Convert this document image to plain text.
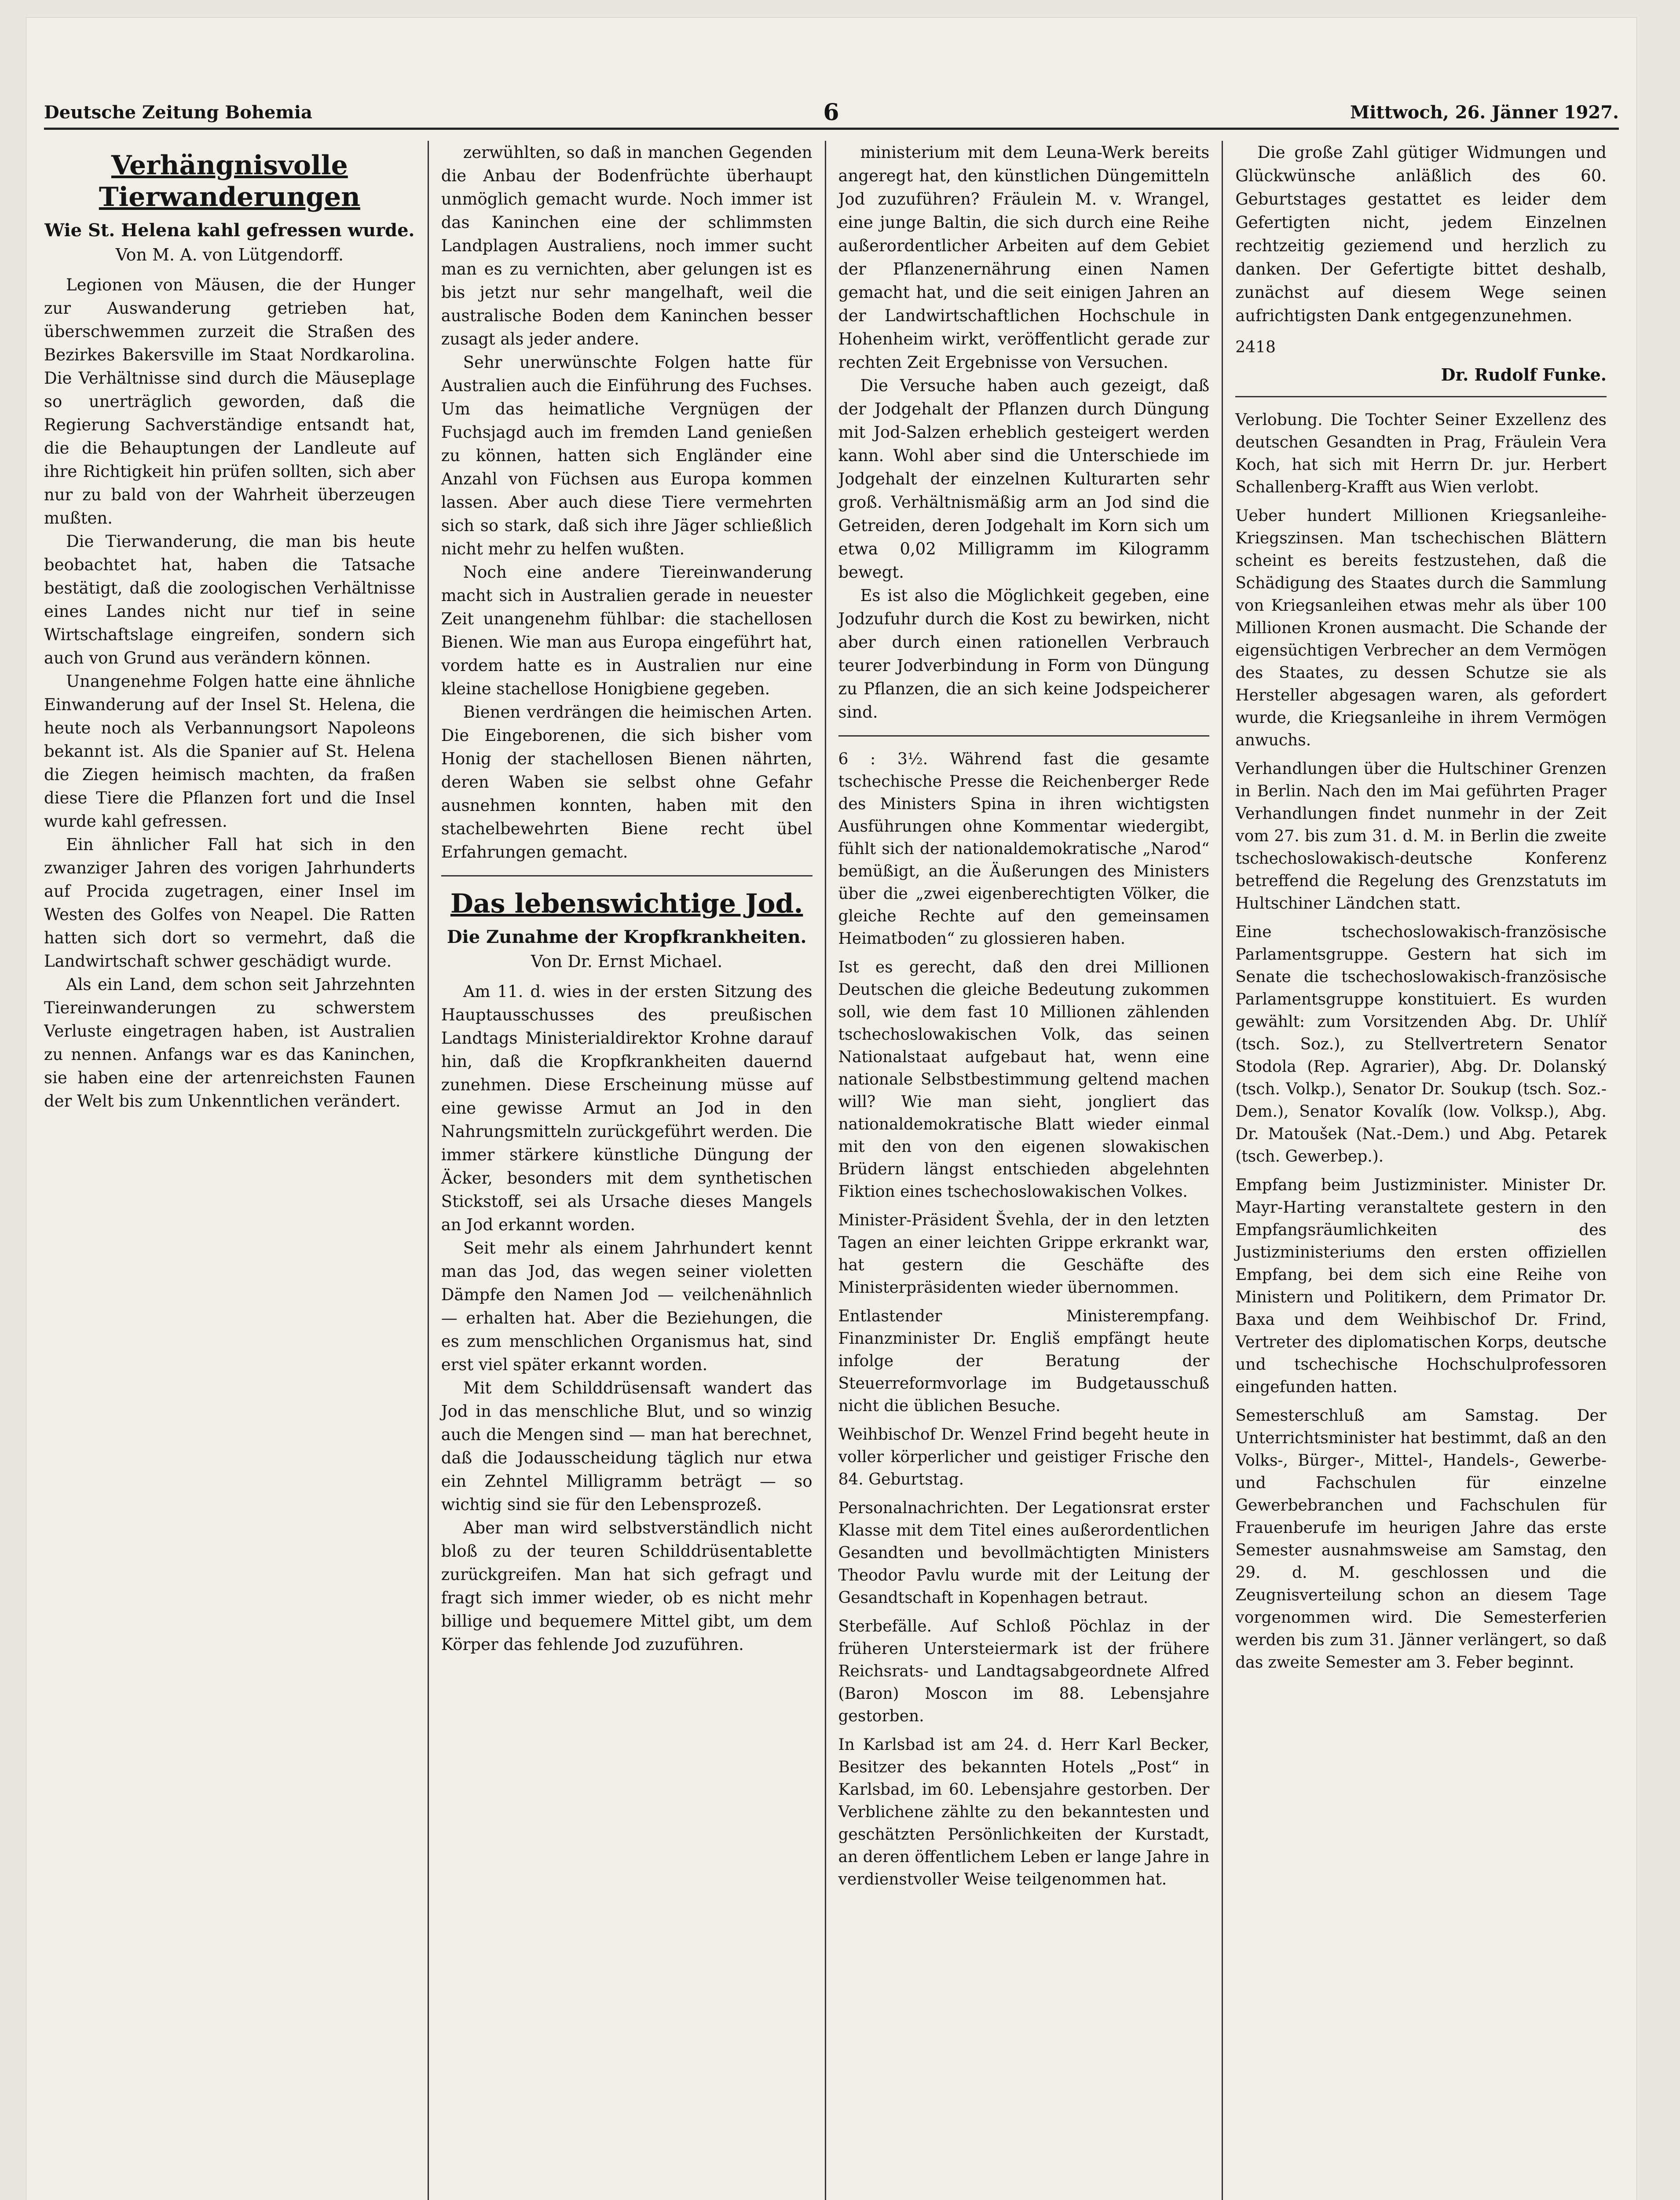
Deutsche Zeitung Bohemia	6	Mittwoch, 26. Jänner 1927.
Verhängnisvolle Tierwanderungen
Wie St. Helena kahl gefressen wurde.
Von M. A. von Lütgendorff.

Legionen von Mäusen, die der Hunger zur Auswanderung getrieben hat, überschwemmen zurzeit die Straßen des Bezirkes Bakersville im Staat Nordkarolina. Die Verhältnisse sind durch die Mäuseplage so unerträglich geworden, daß die Regierung Sachverständige entsandt hat, die die Behauptungen der Landleute auf ihre Richtigkeit hin prüfen sollten, sich aber nur zu bald von der Wahrheit überzeugen mußten.

Die Tierwanderung, die man bis heute beobachtet hat, haben die Tatsache bestätigt, daß die zoologischen Verhältnisse eines Landes nicht nur tief in seine Wirtschaftslage eingreifen, sondern sich auch von Grund aus verändern können.

Unangenehme Folgen hatte eine ähnliche Einwanderung auf der Insel St. Helena, die heute noch als Verbannungsort Napoleons bekannt ist. Als die Spanier auf St. Helena die Ziegen heimisch machten, da fraßen diese Tiere die Pflanzen fort und die Insel wurde kahl gefressen.

Ein ähnlicher Fall hat sich in den zwanziger Jahren des vorigen Jahrhunderts auf Procida zugetragen, einer Insel im Westen des Golfes von Neapel. Die Ratten hatten sich dort so vermehrt, daß die Landwirtschaft schwer geschädigt wurde.

Als ein Land, dem schon seit Jahrzehnten Tiereinwanderungen zu schwerstem Verluste eingetragen haben, ist Australien zu nennen. Anfangs war es das Kaninchen, sie haben eine der artenreichsten Faunen der Welt bis zum Unkenntlichen verändert.

zerwühlten, so daß in manchen Gegenden die Anbau der Bodenfrüchte überhaupt unmöglich gemacht wurde. Noch immer ist das Kaninchen eine der schlimmsten Landplagen Australiens, noch immer sucht man es zu vernichten, aber gelungen ist es bis jetzt nur sehr mangelhaft, weil die australische Boden dem Kaninchen besser zusagt als jeder andere.

Sehr unerwünschte Folgen hatte für Australien auch die Einführung des Fuchses. Um das heimatliche Vergnügen der Fuchsjagd auch im fremden Land genießen zu können, hatten sich Engländer eine Anzahl von Füchsen aus Europa kommen lassen. Aber auch diese Tiere vermehrten sich so stark, daß sich ihre Jäger schließlich nicht mehr zu helfen wußten.

Noch eine andere Tiereinwanderung macht sich in Australien gerade in neuester Zeit unangenehm fühlbar: die stachellosen Bienen. Wie man aus Europa eingeführt hat, vordem hatte es in Australien nur eine kleine stachellose Honigbiene gegeben.

Bienen verdrängen die heimischen Arten. Die Eingeborenen, die sich bisher vom Honig der stachellosen Bienen nährten, deren Waben sie selbst ohne Gefahr ausnehmen konnten, haben mit den stachelbewehrten Biene recht übel Erfahrungen gemacht.

Das lebenswichtige Jod.
Die Zunahme der Kropfkrankheiten.
Von Dr. Ernst Michael.

Am 11. d. wies in der ersten Sitzung des Hauptausschusses des preußischen Landtags Ministerialdirektor Krohne darauf hin, daß die Kropfkrankheiten dauernd zunehmen. Diese Erscheinung müsse auf eine gewisse Armut an Jod in den Nahrungsmitteln zurückgeführt werden. Die immer stärkere künstliche Düngung der Äcker, besonders mit dem synthetischen Stickstoff, sei als Ursache dieses Mangels an Jod erkannt worden.

Seit mehr als einem Jahrhundert kennt man das Jod, das wegen seiner violetten Dämpfe den Namen Jod — veilchenähnlich — erhalten hat. Aber die Beziehungen, die es zum menschlichen Organismus hat, sind erst viel später erkannt worden.

Mit dem Schilddrüsensaft wandert das Jod in das menschliche Blut, und so winzig auch die Mengen sind — man hat berechnet, daß die Jodausscheidung täglich nur etwa ein Zehntel Milligramm beträgt — so wichtig sind sie für den Lebensprozeß.

Aber man wird selbstverständlich nicht bloß zu der teuren Schilddrüsentablette zurückgreifen. Man hat sich gefragt und fragt sich immer wieder, ob es nicht mehr billige und bequemere Mittel gibt, um dem Körper das fehlende Jod zuzuführen.

ministerium mit dem Leuna-Werk bereits angeregt hat, den künstlichen Düngemitteln Jod zuzuführen? Fräulein M. v. Wrangel, eine junge Baltin, die sich durch eine Reihe außerordentlicher Arbeiten auf dem Gebiet der Pflanzenernährung einen Namen gemacht hat, und die seit einigen Jahren an der Landwirtschaftlichen Hochschule in Hohenheim wirkt, veröffentlicht gerade zur rechten Zeit Ergebnisse von Versuchen.

Die Versuche haben auch gezeigt, daß der Jodgehalt der Pflanzen durch Düngung mit Jod-Salzen erheblich gesteigert werden kann. Wohl aber sind die Unterschiede im Jodgehalt der einzelnen Kulturarten sehr groß. Verhältnismäßig arm an Jod sind die Getreiden, deren Jodgehalt im Korn sich um etwa 0,02 Milligramm im Kilogramm bewegt.

Es ist also die Möglichkeit gegeben, eine Jodzufuhr durch die Kost zu bewirken, nicht aber durch einen rationellen Verbrauch teurer Jodverbindung in Form von Düngung zu Pflanzen, die an sich keine Jodspeicherer sind.

6 : 3½. Während fast die gesamte tschechische Presse die Reichenberger Rede des Ministers Spina in ihren wichtigsten Ausführungen ohne Kommentar wiedergibt, fühlt sich der nationaldemokratische „Narod“ bemüßigt, an die Äußerungen des Ministers über die „zwei eigenberechtigten Völker, die gleiche Rechte auf den gemeinsamen Heimatboden“ zu glossieren haben.
Ist es gerecht, daß den drei Millionen Deutschen die gleiche Bedeutung zukommen soll, wie dem fast 10 Millionen zählenden tschechoslowakischen Volk, das seinen Nationalstaat aufgebaut hat, wenn eine nationale Selbstbestimmung geltend machen will? Wie man sieht, jongliert das nationaldemokratische Blatt wieder einmal mit den von den eigenen slowakischen Brüdern längst entschieden abgelehnten Fiktion eines tschechoslowakischen Volkes.
Minister-Präsident Švehla, der in den letzten Tagen an einer leichten Grippe erkrankt war, hat gestern die Geschäfte des Ministerpräsidenten wieder übernommen.
Entlastender Ministerempfang. Finanzminister Dr. Engliš empfängt heute infolge der Beratung der Steuerreformvorlage im Budgetausschuß nicht die üblichen Besuche.
Weihbischof Dr. Wenzel Frind begeht heute in voller körperlicher und geistiger Frische den 84. Geburtstag.
Personalnachrichten. Der Legationsrat erster Klasse mit dem Titel eines außerordentlichen Gesandten und bevollmächtigten Ministers Theodor Pavlu wurde mit der Leitung der Gesandtschaft in Kopenhagen betraut.
Sterbefälle. Auf Schloß Pöchlaz in der früheren Untersteiermark ist der frühere Reichsrats- und Landtagsabgeordnete Alfred (Baron) Moscon im 88. Lebensjahre gestorben.
In Karlsbad ist am 24. d. Herr Karl Becker, Besitzer des bekannten Hotels „Post“ in Karlsbad, im 60. Lebensjahre gestorben. Der Verblichene zählte zu den bekanntesten und geschätzten Persönlichkeiten der Kurstadt, an deren öffentlichem Leben er lange Jahre in verdienstvoller Weise teilgenommen hat.

Die große Zahl gütiger Widmungen und Glückwünsche anläßlich des 60. Geburtstages gestattet es leider dem Gefertigten nicht, jedem Einzelnen rechtzeitig geziemend und herzlich zu danken. Der Gefertigte bittet deshalb, zunächst auf diesem Wege seinen aufrichtigsten Dank entgegenzunehmen.

2418
Dr. Rudolf Funke.
Verlobung. Die Tochter Seiner Exzellenz des deutschen Gesandten in Prag, Fräulein Vera Koch, hat sich mit Herrn Dr. jur. Herbert Schallenberg-Krafft aus Wien verlobt.
Ueber hundert Millionen Kriegsanleihe-Kriegszinsen. Man tschechischen Blättern scheint es bereits festzustehen, daß die Schädigung des Staates durch die Sammlung von Kriegsanleihen etwas mehr als über 100 Millionen Kronen ausmacht. Die Schande der eigensüchtigen Verbrecher an dem Vermögen des Staates, zu dessen Schutze sie als Hersteller abgesagen waren, als gefordert wurde, die Kriegsanleihe in ihrem Vermögen anwuchs.
Verhandlungen über die Hultschiner Grenzen in Berlin. Nach den im Mai geführten Prager Verhandlungen findet nunmehr in der Zeit vom 27. bis zum 31. d. M. in Berlin die zweite tschechoslowakisch-deutsche Konferenz betreffend die Regelung des Grenzstatuts im Hultschiner Ländchen statt.
Eine tschechoslowakisch-französische Parlamentsgruppe. Gestern hat sich im Senate die tschechoslowakisch-französische Parlamentsgruppe konstituiert. Es wurden gewählt: zum Vorsitzenden Abg. Dr. Uhlíř (tsch. Soz.), zu Stellvertretern Senator Stodola (Rep. Agrarier), Abg. Dr. Dolanský (tsch. Volkp.), Senator Dr. Soukup (tsch. Soz.-Dem.), Senator Kovalík (low. Volksp.), Abg. Dr. Matoušek (Nat.-Dem.) und Abg. Petarek (tsch. Gewerbep.).
Empfang beim Justizminister. Minister Dr. Mayr-Harting veranstaltete gestern in den Empfangsräumlichkeiten des Justizministeriums den ersten offiziellen Empfang, bei dem sich eine Reihe von Ministern und Politikern, dem Primator Dr. Baxa und dem Weihbischof Dr. Frind, Vertreter des diplomatischen Korps, deutsche und tschechische Hochschulprofessoren eingefunden hatten.
Semesterschluß am Samstag. Der Unterrichtsminister hat bestimmt, daß an den Volks-, Bürger-, Mittel-, Handels-, Gewerbe- und Fachschulen für einzelne Gewerbebranchen und Fachschulen für Frauenberufe im heurigen Jahre das erste Semester ausnahmsweise am Samstag, den 29. d. M. geschlossen und die Zeugnisverteilung schon an diesem Tage vorgenommen wird. Die Semesterferien werden bis zum 31. Jänner verlängert, so daß das zweite Semester am 3. Feber beginnt.
